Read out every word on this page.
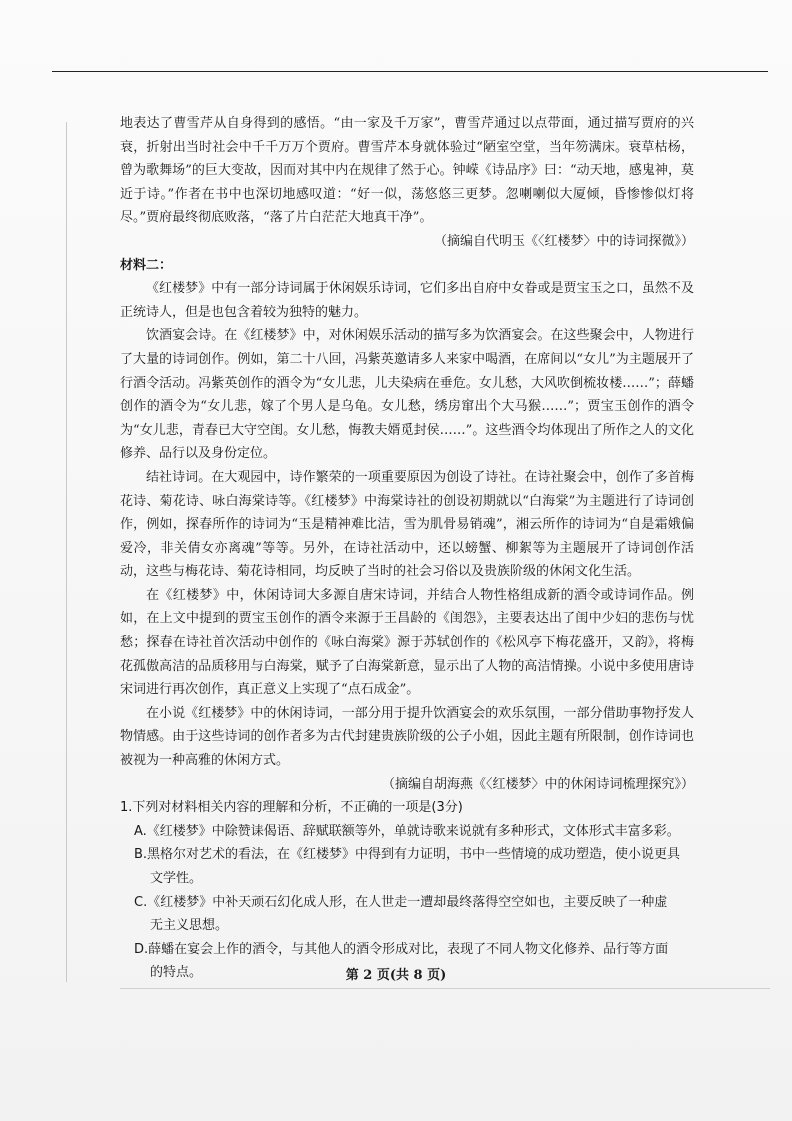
地表达了曹雪芹从自身得到的感悟。“由一家及千万家”，曹雪芹通过以点带面，通过描写贾府的兴衰，折射出当时社会中千千万万个贾府。曹雪芹本身就体验过“陋室空堂，当年笏满床。衰草枯杨，曾为歌舞场”的巨大变故，因而对其中内在规律了然于心。钟嵘《诗品序》曰：“动天地，感鬼神，莫近于诗。”作者在书中也深切地感叹道：“好一似，荡悠悠三更梦。忽喇喇似大厦倾，昏惨惨似灯将尽。”贾府最终彻底败落，“落了片白茫茫大地真干净”。

（摘编自代明玉《〈红楼梦〉中的诗词探微》）

材料二：

《红楼梦》中有一部分诗词属于休闲娱乐诗词，它们多出自府中女眷或是贾宝玉之口，虽然不及正统诗人，但是也包含着较为独特的魅力。

饮酒宴会诗。在《红楼梦》中，对休闲娱乐活动的描写多为饮酒宴会。在这些聚会中，人物进行了大量的诗词创作。例如，第二十八回，冯紫英邀请多人来家中喝酒，在席间以“女儿”为主题展开了行酒令活动。冯紫英创作的酒令为“女儿悲，儿夫染病在垂危。女儿愁，大风吹倒梳妆楼……”；薛蟠创作的酒令为“女儿悲，嫁了个男人是乌龟。女儿愁，绣房窜出个大马猴……”；贾宝玉创作的酒令为“女儿悲，青春已大守空闺。女儿愁，悔教夫婿觅封侯……”。这些酒令均体现出了所作之人的文化修养、品行以及身份定位。

结社诗词。在大观园中，诗作繁荣的一项重要原因为创设了诗社。在诗社聚会中，创作了多首梅花诗、菊花诗、咏白海棠诗等。《红楼梦》中海棠诗社的创设初期就以“白海棠”为主题进行了诗词创作，例如，探春所作的诗词为“玉是精神难比洁，雪为肌骨易销魂”，湘云所作的诗词为“自是霜娥偏爱冷，非关倩女亦离魂”等等。另外，在诗社活动中，还以螃蟹、柳絮等为主题展开了诗词创作活动，这些与梅花诗、菊花诗相同，均反映了当时的社会习俗以及贵族阶级的休闲文化生活。

在《红楼梦》中，休闲诗词大多源自唐宋诗词，并结合人物性格组成新的酒令或诗词作品。例如，在上文中提到的贾宝玉创作的酒令来源于王昌龄的《闺怨》，主要表达出了闺中少妇的悲伤与忧愁；探春在诗社首次活动中创作的《咏白海棠》源于苏轼创作的《松风亭下梅花盛开，又韵》，将梅花孤傲高洁的品质移用与白海棠，赋予了白海棠新意，显示出了人物的高洁情操。小说中多使用唐诗宋词进行再次创作，真正意义上实现了“点石成金”。

在小说《红楼梦》中的休闲诗词，一部分用于提升饮酒宴会的欢乐氛围，一部分借助事物抒发人物情感。由于这些诗词的创作者多为古代封建贵族阶级的公子小姐，因此主题有所限制，创作诗词也被视为一种高雅的休闲方式。

（摘编自胡海燕《〈红楼梦〉中的休闲诗词梳理探究》）

1.下列对材料相关内容的理解和分析，不正确的一项是(3分)

A.《红楼梦》中除赞诔偈语、辞赋联额等外，单就诗歌来说就有多种形式，文体形式丰富多彩。

B.黑格尔对艺术的看法，在《红楼梦》中得到有力证明，书中一些情境的成功塑造，使小说更具

文学性。

C.《红楼梦》中补天顽石幻化成人形，在人世走一遭却最终落得空空如也，主要反映了一种虚

无主义思想。

D.薛蟠在宴会上作的酒令，与其他人的酒令形成对比，表现了不同人物文化修养、品行等方面

的特点。	第 2 页(共 8 页)
